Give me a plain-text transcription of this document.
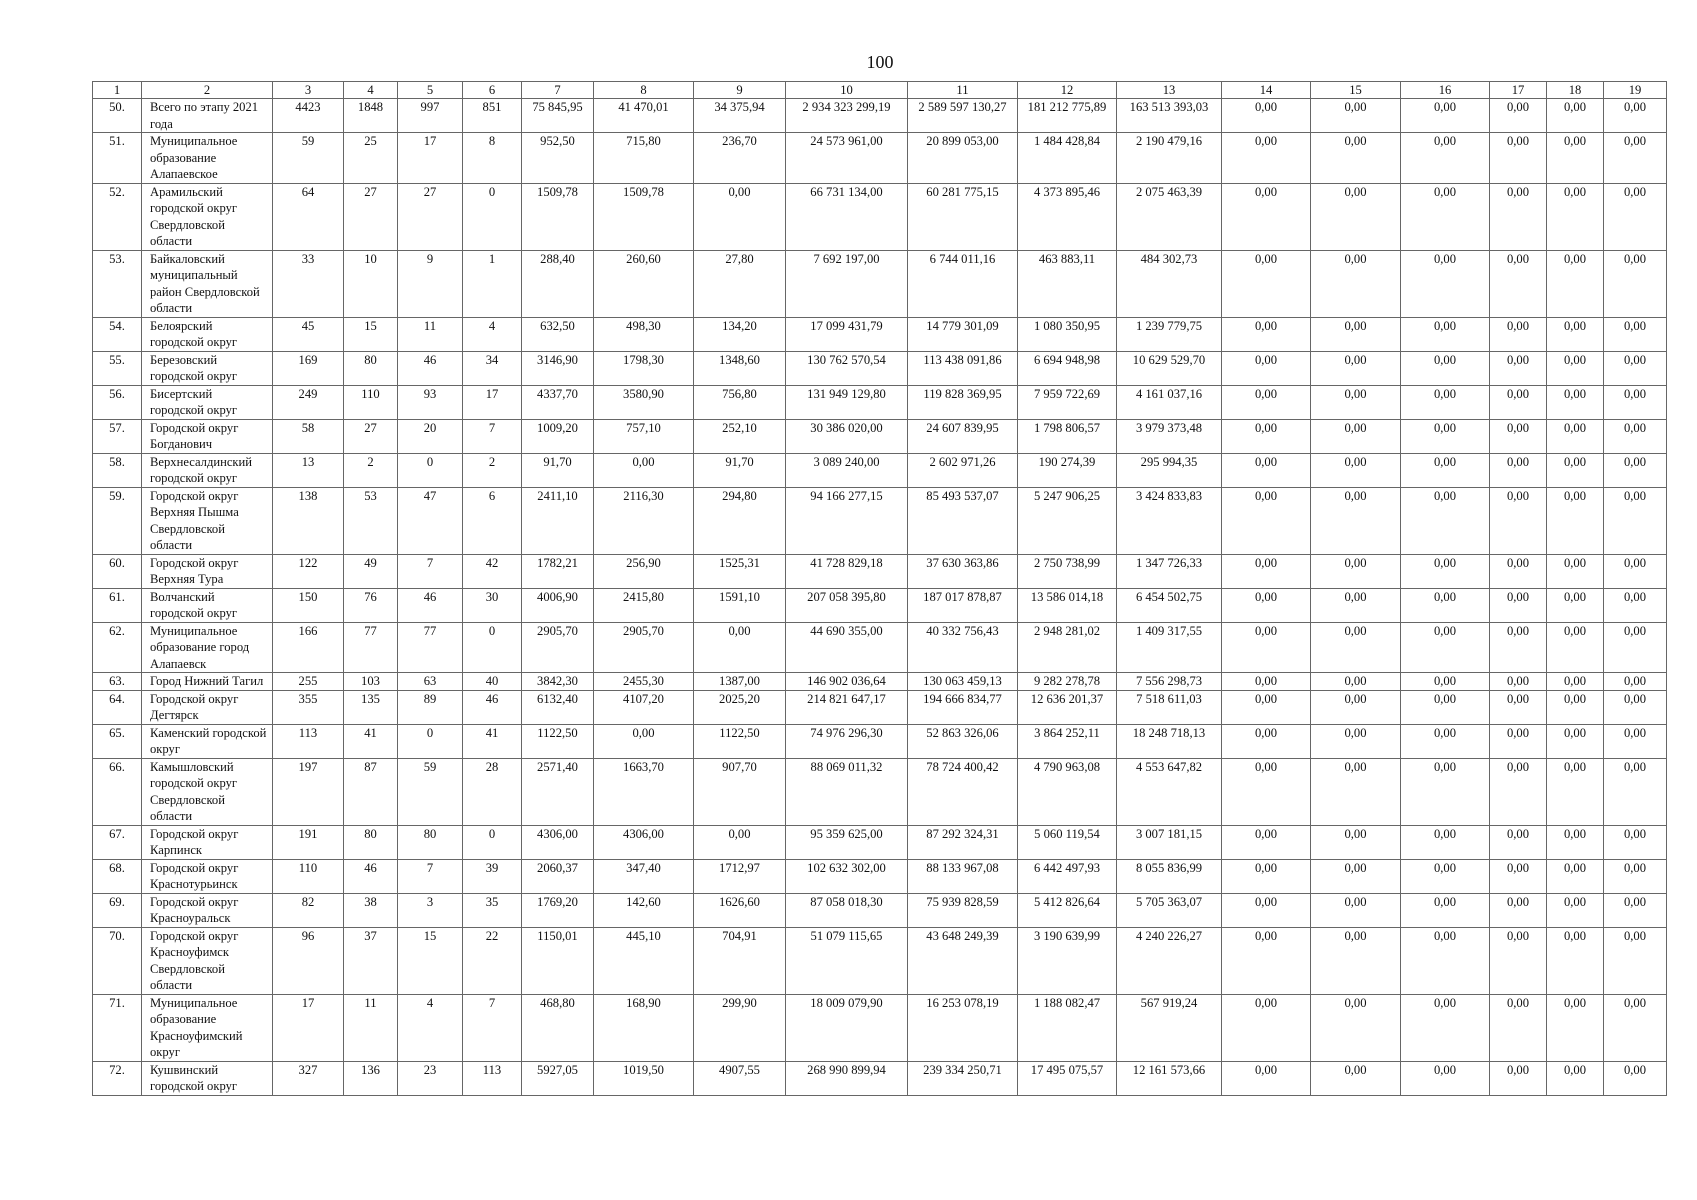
100
1	2	3	4	5	6	7	8	9	10	11	12	13	14	15	16	17	18	19
50.	Всего по этапу 2021 года	4423	1848	997	851	75 845,95	41 470,01	34 375,94	2 934 323 299,19	2 589 597 130,27	181 212 775,89	163 513 393,03	0,00	0,00	0,00	0,00	0,00	0,00
51.	Муниципальное образование Алапаевское	59	25	17	8	952,50	715,80	236,70	24 573 961,00	20 899 053,00	1 484 428,84	2 190 479,16	0,00	0,00	0,00	0,00	0,00	0,00
52.	Арамильский городской округ Свердловской области	64	27	27	0	1509,78	1509,78	0,00	66 731 134,00	60 281 775,15	4 373 895,46	2 075 463,39	0,00	0,00	0,00	0,00	0,00	0,00
53.	Байкаловский муниципальный район Свердловской области	33	10	9	1	288,40	260,60	27,80	7 692 197,00	6 744 011,16	463 883,11	484 302,73	0,00	0,00	0,00	0,00	0,00	0,00
54.	Белоярский городской округ	45	15	11	4	632,50	498,30	134,20	17 099 431,79	14 779 301,09	1 080 350,95	1 239 779,75	0,00	0,00	0,00	0,00	0,00	0,00
55.	Березовский городской округ	169	80	46	34	3146,90	1798,30	1348,60	130 762 570,54	113 438 091,86	6 694 948,98	10 629 529,70	0,00	0,00	0,00	0,00	0,00	0,00
56.	Бисертский городской округ	249	110	93	17	4337,70	3580,90	756,80	131 949 129,80	119 828 369,95	7 959 722,69	4 161 037,16	0,00	0,00	0,00	0,00	0,00	0,00
57.	Городской округ Богданович	58	27	20	7	1009,20	757,10	252,10	30 386 020,00	24 607 839,95	1 798 806,57	3 979 373,48	0,00	0,00	0,00	0,00	0,00	0,00
58.	Верхнесалдинский городской округ	13	2	0	2	91,70	0,00	91,70	3 089 240,00	2 602 971,26	190 274,39	295 994,35	0,00	0,00	0,00	0,00	0,00	0,00
59.	Городской округ Верхняя Пышма Свердловской области	138	53	47	6	2411,10	2116,30	294,80	94 166 277,15	85 493 537,07	5 247 906,25	3 424 833,83	0,00	0,00	0,00	0,00	0,00	0,00
60.	Городской округ Верхняя Тура	122	49	7	42	1782,21	256,90	1525,31	41 728 829,18	37 630 363,86	2 750 738,99	1 347 726,33	0,00	0,00	0,00	0,00	0,00	0,00
61.	Волчанский городской округ	150	76	46	30	4006,90	2415,80	1591,10	207 058 395,80	187 017 878,87	13 586 014,18	6 454 502,75	0,00	0,00	0,00	0,00	0,00	0,00
62.	Муниципальное образование город Алапаевск	166	77	77	0	2905,70	2905,70	0,00	44 690 355,00	40 332 756,43	2 948 281,02	1 409 317,55	0,00	0,00	0,00	0,00	0,00	0,00
63.	Город Нижний Тагил	255	103	63	40	3842,30	2455,30	1387,00	146 902 036,64	130 063 459,13	9 282 278,78	7 556 298,73	0,00	0,00	0,00	0,00	0,00	0,00
64.	Городской округ Дегтярск	355	135	89	46	6132,40	4107,20	2025,20	214 821 647,17	194 666 834,77	12 636 201,37	7 518 611,03	0,00	0,00	0,00	0,00	0,00	0,00
65.	Каменский городской округ	113	41	0	41	1122,50	0,00	1122,50	74 976 296,30	52 863 326,06	3 864 252,11	18 248 718,13	0,00	0,00	0,00	0,00	0,00	0,00
66.	Камышловский городской округ Свердловской области	197	87	59	28	2571,40	1663,70	907,70	88 069 011,32	78 724 400,42	4 790 963,08	4 553 647,82	0,00	0,00	0,00	0,00	0,00	0,00
67.	Городской округ Карпинск	191	80	80	0	4306,00	4306,00	0,00	95 359 625,00	87 292 324,31	5 060 119,54	3 007 181,15	0,00	0,00	0,00	0,00	0,00	0,00
68.	Городской округ Краснотурьинск	110	46	7	39	2060,37	347,40	1712,97	102 632 302,00	88 133 967,08	6 442 497,93	8 055 836,99	0,00	0,00	0,00	0,00	0,00	0,00
69.	Городской округ Красноуральск	82	38	3	35	1769,20	142,60	1626,60	87 058 018,30	75 939 828,59	5 412 826,64	5 705 363,07	0,00	0,00	0,00	0,00	0,00	0,00
70.	Городской округ Красноуфимск Свердловской области	96	37	15	22	1150,01	445,10	704,91	51 079 115,65	43 648 249,39	3 190 639,99	4 240 226,27	0,00	0,00	0,00	0,00	0,00	0,00
71.	Муниципальное образование Красноуфимский округ	17	11	4	7	468,80	168,90	299,90	18 009 079,90	16 253 078,19	1 188 082,47	567 919,24	0,00	0,00	0,00	0,00	0,00	0,00
72.	Кушвинский городской округ	327	136	23	113	5927,05	1019,50	4907,55	268 990 899,94	239 334 250,71	17 495 075,57	12 161 573,66	0,00	0,00	0,00	0,00	0,00	0,00
